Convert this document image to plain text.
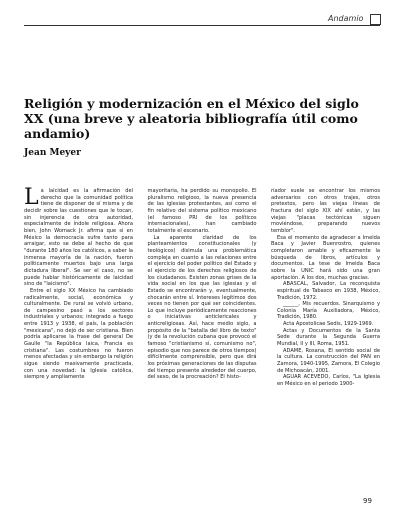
Andamio
Religión y modernización en el México del siglo XX (una breve y aleatoria bibliografía útil como andamio)

Jean Meyer

La laicidad es la afirmación del derecho que la comunidad política tiene de disponer de sí misma y de decidir sobre las cuestiones que le tocan, sin injerencia de otra autoridad, especialmente de índole religiosa. Ahora bien, John Womack Jr. afirma que si en México la democracia sufre tanto para arraigar, esto se debe al hecho de que "durante 180 años los católicos, a saber la inmensa mayoría de la nación, fueron políticamente muertos bajo una larga dictadura liberal". Se ser el caso, no se puede hablar históricamente de laicidad sino de "laicismo".

Entre el siglo XX México ha cambiado radicalmente, social, económica y culturalmente. De rural se volvió urbano, de campesino pasó a los sectores industriales y urbanos; integrado a fuego entre 1913 y 1938, el país, la población "mexicana", no dejó de ser cristiana. Bien podría aplicarse la frase del general De Gaulle "la República laica, Francia es cristiana". Las costumbres no fueron menos afectadas y sin embargo la religión sigue siendo masivamente practicada, con una novedad: la Iglesia católica, siempre y ampliamente

mayoritaria, ha perdido su monopolio. El pluralismo religioso, la nueva presencia de las iglesias protestantes, así como el fin relativo del sistema político mexicano (el famoso PRI de los políticos internacionales), han cambiado totalmente el escenario.

La aparente claridad de los planteamientos constitucionales (y teológicos) disimula una problemática compleja en cuanto a las relaciones entre el ejercicio del poder político del Estado y el ejercicio de los derechos religiosos de los ciudadanos. Existen zonas grises de la vida social en los que las iglesias y el Estado se encontrarán y, eventualmente, chocarán entre sí. Intereses legítimos dos veces no tienen por qué ser coincidentes. Lo que incluye periódicamente reacciones o iniciativas anticlericales y anticreligiosas. Así, hace medio siglo, a propósito de la "batalla del libro de texto" (y de la revolución cubana que provocó el famoso "cristianismo sí, comunismo no", episodio que nos parece de otros tiempos) difícilmente comprensible, pero que dirá los próximas generaciones de las disputas del tiempo presente alrededor del cuerpo, del sexo, de la procreación? El histo-

riador suele se encontrar los mismos adversarios con otros trajes, otros pretextos, pero las viejas líneas de fractura del siglo XIX ahí están, y las viejas "placas tectónicas siguen moviéndose, preparando nuevos temblor".

Esa el momento de agradecer a Imelda Baca y Javier Buenrostro, quienes completaron amable y eficazmente la búsqueda de libros, artículos y documentos. La tese de Imelda Baca sobre la UNIC hará sido una gran aportación. A los dos, muchas gracias.

ABASCAL, Salvador, La reconquista espiritual de Tabasco en 1938, México, Tradición, 1972.

______, Mis recuerdos. Sinarquismo y Colonia María Auxiliadora, México, Tradición, 1980.

Acta Apostolicae Sedis, 1929-1969.

Actas y Documentos de la Santa Sede durante la Segunda Guerra Mundial, II y III, Roma, 1951.

ADAME, Rosana, El sentido social de la cultura. La construcción del PAN en Zamora, 1940-1995, Zamora, El Colegio de Michoacán, 2001.

AGUAR ACEVEDO, Carlos, "La Iglesia en México en el periodo 1900-

99
